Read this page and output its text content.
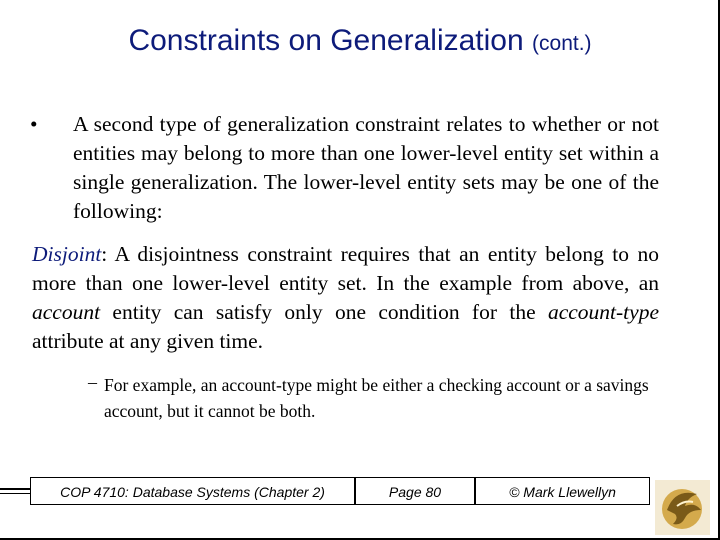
Constraints on Generalization (cont.)
• A second type of generalization constraint relates to whether or not entities may belong to more than one lower-level entity set within a single generalization. The lower-level entity sets may be one of the following:
Disjoint: A disjointness constraint requires that an entity belong to no more than one lower-level entity set. In the example from above, an account entity can satisfy only one condition for the account-type attribute at any given time.
– For example, an account-type might be either a checking account or a savings account, but it cannot be both.
COP 4710: Database Systems (Chapter 2)	Page 80	© Mark Llewellyn
